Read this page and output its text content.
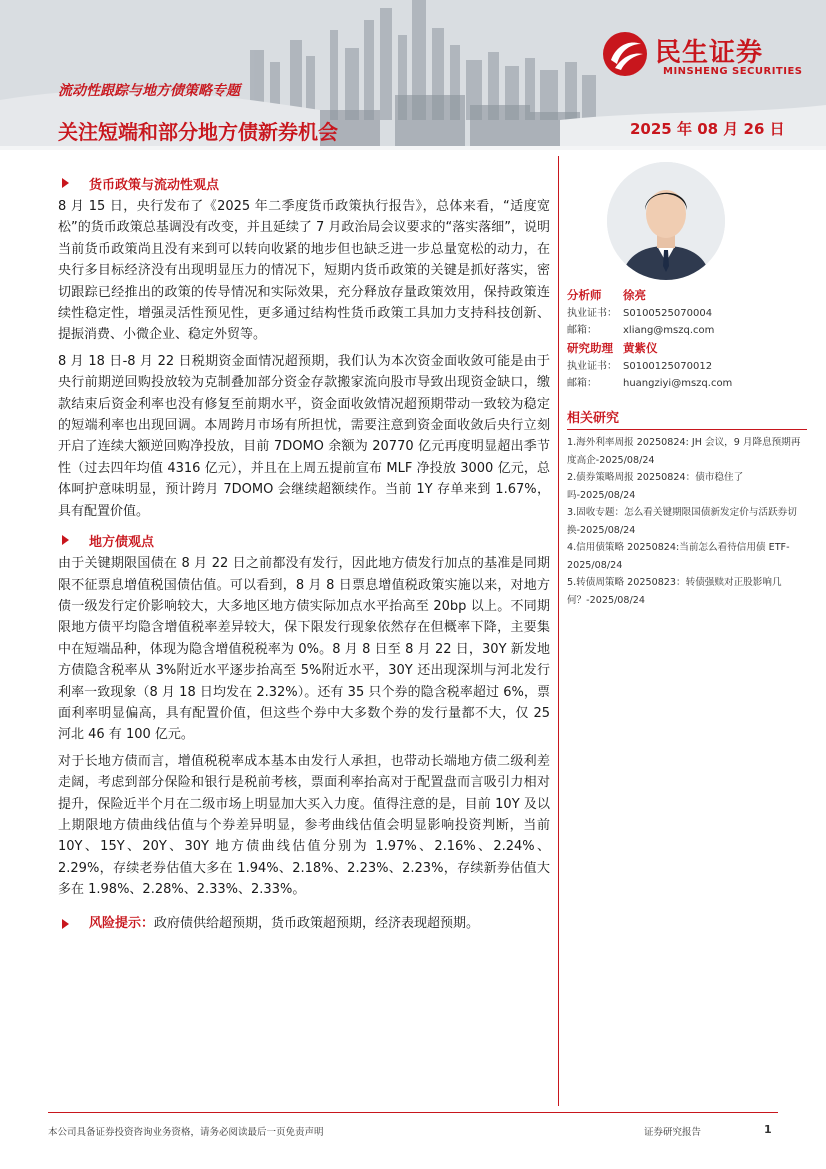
民生证券
MINSHENG SECURITIES
流动性跟踪与地方债策略专题
关注短端和部分地方债新券机会	2025 年 08 月 26 日
货币政策与流动性观点

8 月 15 日，央行发布了《2025 年二季度货币政策执行报告》，总体来看，“适度宽松”的货币政策总基调没有改变，并且延续了 7 月政治局会议要求的“落实落细”，说明当前货币政策尚且没有来到可以转向收紧的地步但也缺乏进一步总量宽松的动力，在央行多目标经济没有出现明显压力的情况下，短期内货币政策的关键是抓好落实，密切跟踪已经推出的政策的传导情况和实际效果，充分释放存量政策效用，保持政策连续性稳定性，增强灵活性预见性，更多通过结构性货币政策工具加力支持科技创新、提振消费、小微企业、稳定外贸等。

8 月 18 日-8 月 22 日税期资金面情况超预期，我们认为本次资金面收敛可能是由于央行前期逆回购投放较为克制叠加部分资金存款搬家流向股市导致出现资金缺口，缴款结束后资金利率也没有修复至前期水平，资金面收敛情况超预期带动一致较为稳定的短端利率也出现回调。本周跨月市场有所担忧，需要注意到资金面收敛后央行立刻开启了连续大额逆回购净投放，目前 7DOMO 余额为 20770 亿元再度明显超出季节性（过去四年均值 4316 亿元），并且在上周五提前宣布 MLF 净投放 3000 亿元，总体呵护意味明显，预计跨月 7DOMO 会继续超额续作。当前 1Y 存单来到 1.67%，具有配置价值。

地方债观点

由于关键期限国债在 8 月 22 日之前都没有发行，因此地方债发行加点的基准是同期限不征票息增值税国债估值。可以看到，8 月 8 日票息增值税政策实施以来，对地方债一级发行定价影响较大，大多地区地方债实际加点水平抬高至 20bp 以上。不同期限地方债平均隐含增值税率差异较大，保下限发行现象依然存在但概率下降，主要集中在短端品种，体现为隐含增值税税率为 0%。8 月 8 日至 8 月 22 日，30Y 新发地方债隐含税率从 3%附近水平逐步抬高至 5%附近水平，30Y 还出现深圳与河北发行利率一致现象（8 月 18 日均发在 2.32%）。还有 35 只个券的隐含税率超过 6%，票面利率明显偏高，具有配置价值，但这些个券中大多数个券的发行量都不大，仅 25 河北 46 有 100 亿元。

对于长地方债而言，增值税税率成本基本由发行人承担，也带动长端地方债二级利差走阔，考虑到部分保险和银行是税前考核，票面利率抬高对于配置盘而言吸引力相对提升，保险近半个月在二级市场上明显加大买入力度。值得注意的是，目前 10Y 及以上期限地方债曲线估值与个券差异明显，参考曲线估值会明显影响投资判断，当前 10Y、15Y、20Y、30Y 地方债曲线估值分别为 1.97%、2.16%、2.24%、2.29%，存续老券估值大多在 1.94%、2.18%、2.23%、2.23%，存续新券估值大多在 1.98%、2.28%、2.33%、2.33%。

风险提示：政府债供给超预期，货币政策超预期，经济表现超预期。
分析师	徐亮
执业证书： S0100525070004
邮箱：	xliang@mszq.com
研究助理 黄紫仪
执业证书： S0100125070012
邮箱：	huangziyi@mszq.com
相关研究
1.海外利率周报 20250824: JH 会议，9 月降息预期再度高企-2025/08/24
2.债券策略周报 20250824：债市稳住了吗-2025/08/24
3.固收专题：怎么看关键期限国债新发定价与活跃券切换-2025/08/24
4.信用债策略 20250824:当前怎么看待信用债 ETF-2025/08/24
5.转债周策略 20250823：转债强赎对正股影响几何？-2025/08/24
本公司具备证券投资咨询业务资格，请务必阅读最后一页免责声明	证券研究报告	1
